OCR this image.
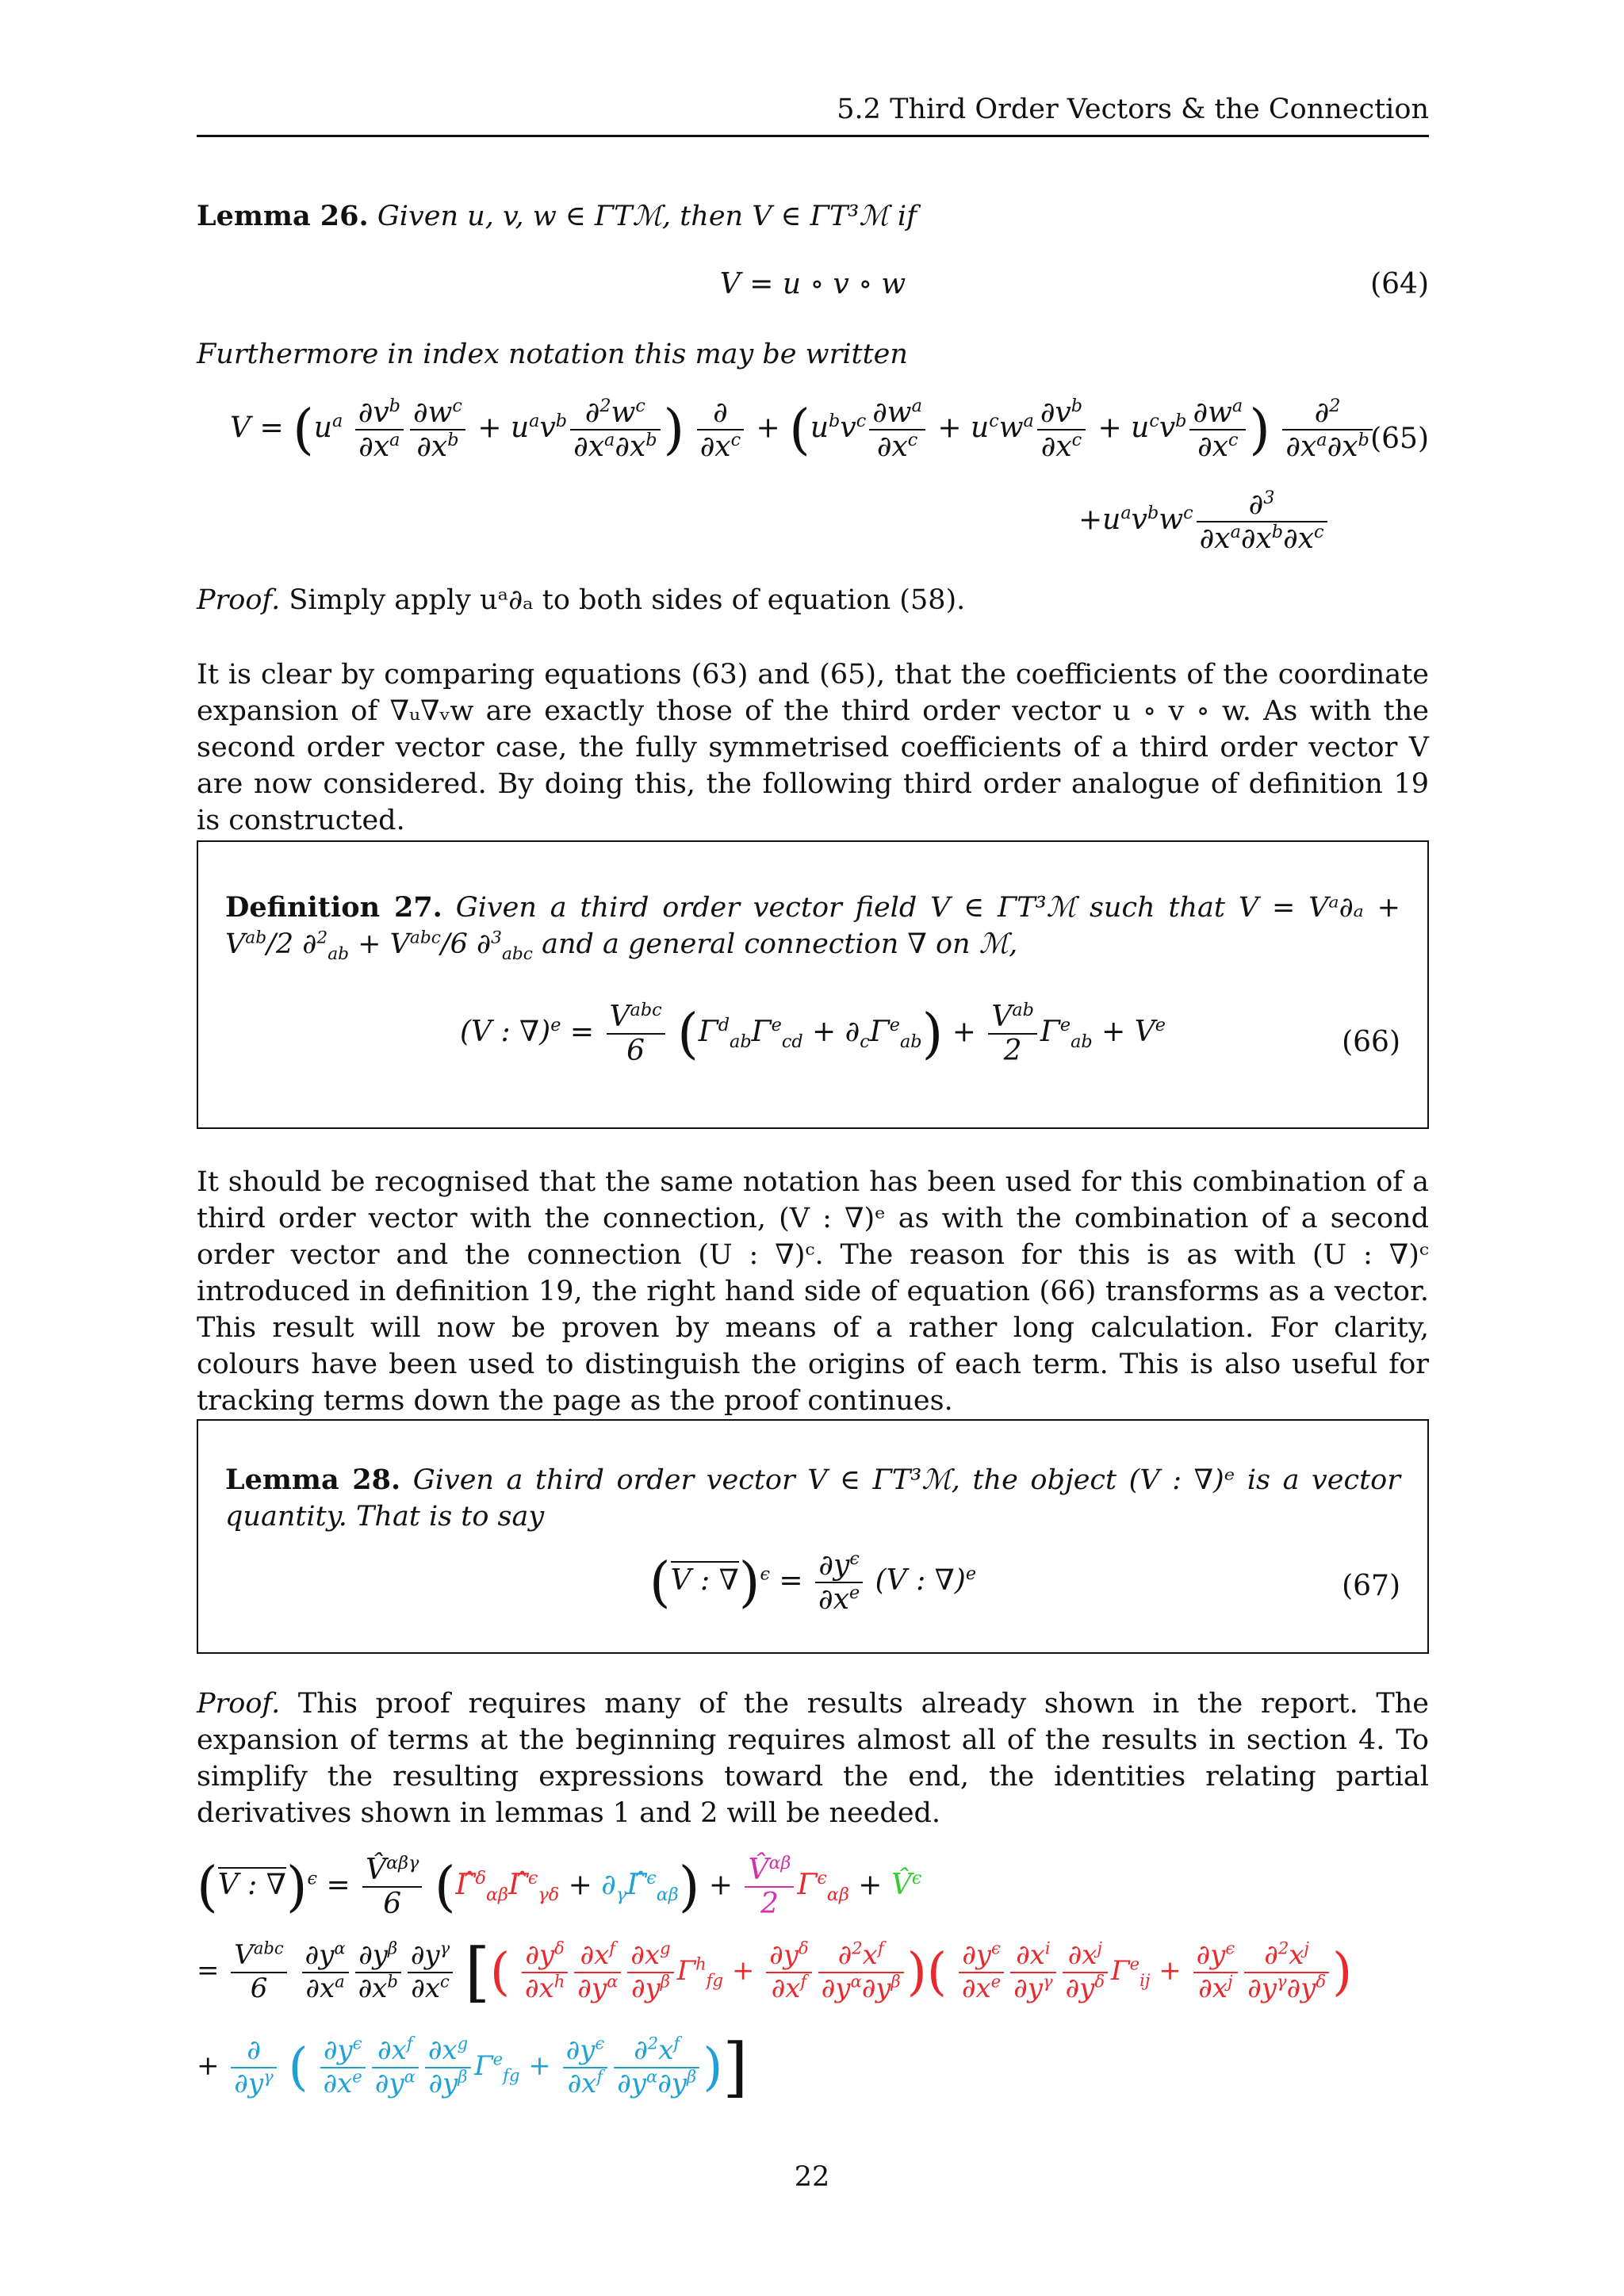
5.2 Third Order Vectors & the Connection
Lemma 26. Given u, v, w ∈ ΓTℳ, then V ∈ ΓT³ℳ if
V = u ∘ v ∘ w	(64)
Furthermore in index notation this may be written
$V = (u^a \frac{\partial v^b}{\partial x^a} \frac{\partial w^c}{\partial x^b} + u^av^b \frac{\partial^2w^c}{\partial x^a\partial x^b}$ ) $\frac{\partial}{\partial x^c} + (u^bv^c \frac{\partial w^a}{\partial x^c} + u^cw^a \frac{\partial v^b}{\partial x^c} + u^cv^b \frac{\partial w^a}{\partial x^c}$ ) $\frac{\partial^2}{\partial x^a\partial x^b}$
(65)
$+u^av^bw^c \frac{\partial^3}{\partial x^a\partial x^b\partial x^c}$
Proof. Simply apply uᵃ∂ₐ to both sides of equation (58).
It is clear by comparing equations (63) and (65), that the coefficients of the coordinate expansion of ∇ᵤ∇ᵥw are exactly those of the third order vector u ∘ v ∘ w. As with the second order vector case, the fully symmetrised coefficients of a third order vector V are now considered. By doing this, the following third order analogue of definition 19 is constructed.
Definition 27. Given a third order vector field V ∈ ΓT³ℳ such that V = Vᵃ∂ₐ + $V^{ab}/2$ $\partial^2_{ab} + V^{abc}/6$ ∂$^3_{abc}$ and a general connection ∇ on ℳ,
(V : $\nabla)^e = \frac{V^{abc}}{6} (\Gamma^d_{ab}\Gamma^e_{cd} + \partial_c\Gamma^e_{ab}) + \frac{V^{ab}}{2} \Gamma^e_{ab} + V^e$
(66)
It should be recognised that the same notation has been used for this combination of a third order vector with the connection, (V : ∇)ᵉ as with the combination of a second order vector and the connection (U : ∇)ᶜ. The reason for this is as with (U : ∇)ᶜ introduced in definition 19, the right hand side of equation (66) transforms as a vector. This result will now be proven by means of a rather long calculation. For clarity, colours have been used to distinguish the origins of each term. This is also useful for tracking terms down the page as the proof continues.
Lemma 28. Given a third order vector V ∈ ΓT³ℳ, the object (V : ∇)ᵉ is a vector quantity. That is to say
(V : $\nabla)^\epsilon = \frac{\partial y^\epsilon}{\partial x^e} (V$ : ∇)$^e$	(67)
Proof. This proof requires many of the results already shown in the report. The expansion of terms at the beginning requires almost all of the results in section 4. To simplify the resulting expressions toward the end, the identities relating partial derivatives shown in lemmas 1 and 2 will be needed.
(V : $\nabla)^\epsilon = \frac{V̂^{\alpha\beta\gamma}}{6}$ (Γ̂$^\delta_{\alpha\beta}$Γ̂$^\epsilon_{\gamma\delta}$ + $\partial_\gamma\Gammâ^\epsilon_{\alpha\beta}) + \frac{V̂^{\alpha\beta}}{2} \Gamma^\epsilon_{\alpha\beta}$ + V̂$^\epsilon$
= $\frac{V^{abc}}{6}$
$\frac{\partial y^\alpha}{\partial x^a} \frac{\partial y^\beta}{\partial x^b} \frac{\partial y^\gamma}{\partial x^c}$ [( $\frac{\partial y^\delta}{\partial x^h} \frac{\partial x^f}{\partial y^\alpha} \frac{\partial x^g}{\partial y^\beta} \Gamma^h_{fg} + \frac{\partial y^\delta}{\partial x^f} \frac{\partial^2x^f}{\partial y^\alpha\partial y^\beta}$ )( $\frac{\partial y^\epsilon}{\partial x^e} \frac{\partial x^i}{\partial y^\gamma} \frac{\partial x^j}{\partial y^\delta} \Gamma^e_{ij} + \frac{\partial y^\epsilon}{\partial x^j} \frac{\partial^2x^j}{\partial y^\gamma\partial y^\delta}$ )
+ $\frac{\partial}{\partial y^\gamma}$ ( $\frac{\partial y^\epsilon}{\partial x^e} \frac{\partial x^f}{\partial y^\alpha} \frac{\partial x^g}{\partial y^\beta} \Gamma^e_{fg} + \frac{\partial y^\epsilon}{\partial x^f} \frac{\partial^2x^f}{\partial y^\alpha\partial y^\beta}$ )]
22
